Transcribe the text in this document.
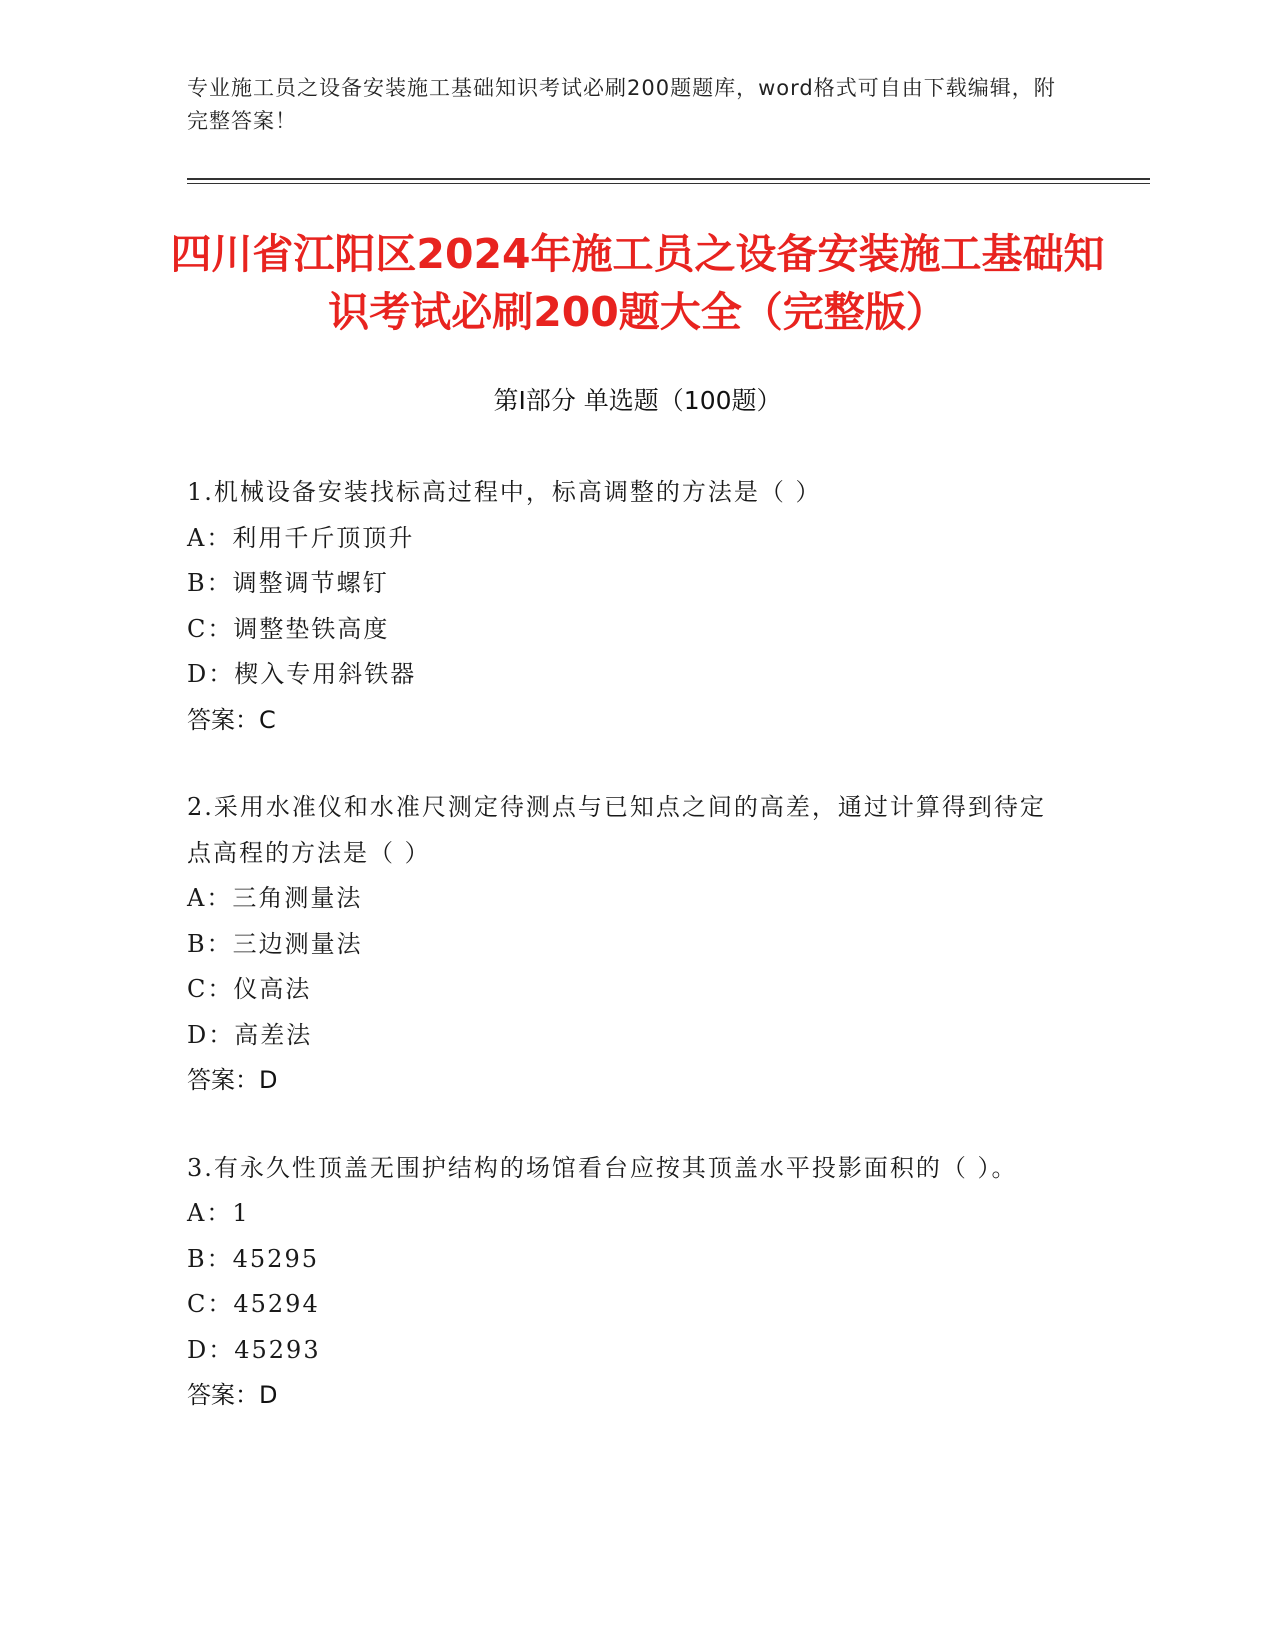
专业施工员之设备安装施工基础知识考试必刷200题题库，word格式可自由下载编辑，附完整答案！
四川省江阳区2024年施工员之设备安装施工基础知识考试必刷200题大全（完整版）
第Ⅰ部分 单选题（100题）
1.机械设备安装找标高过程中，标高调整的方法是（ ）
A：利用千斤顶顶升
B：调整调节螺钉
C：调整垫铁高度
D：楔入专用斜铁器
答案：C
2.采用水准仪和水准尺测定待测点与已知点之间的高差，通过计算得到待定点高程的方法是（ ）
A：三角测量法
B：三边测量法
C：仪高法
D：高差法
答案：D
3.有永久性顶盖无围护结构的场馆看台应按其顶盖水平投影面积的（ ）。
A：1
B：45295
C：45294
D：45293
答案：D
